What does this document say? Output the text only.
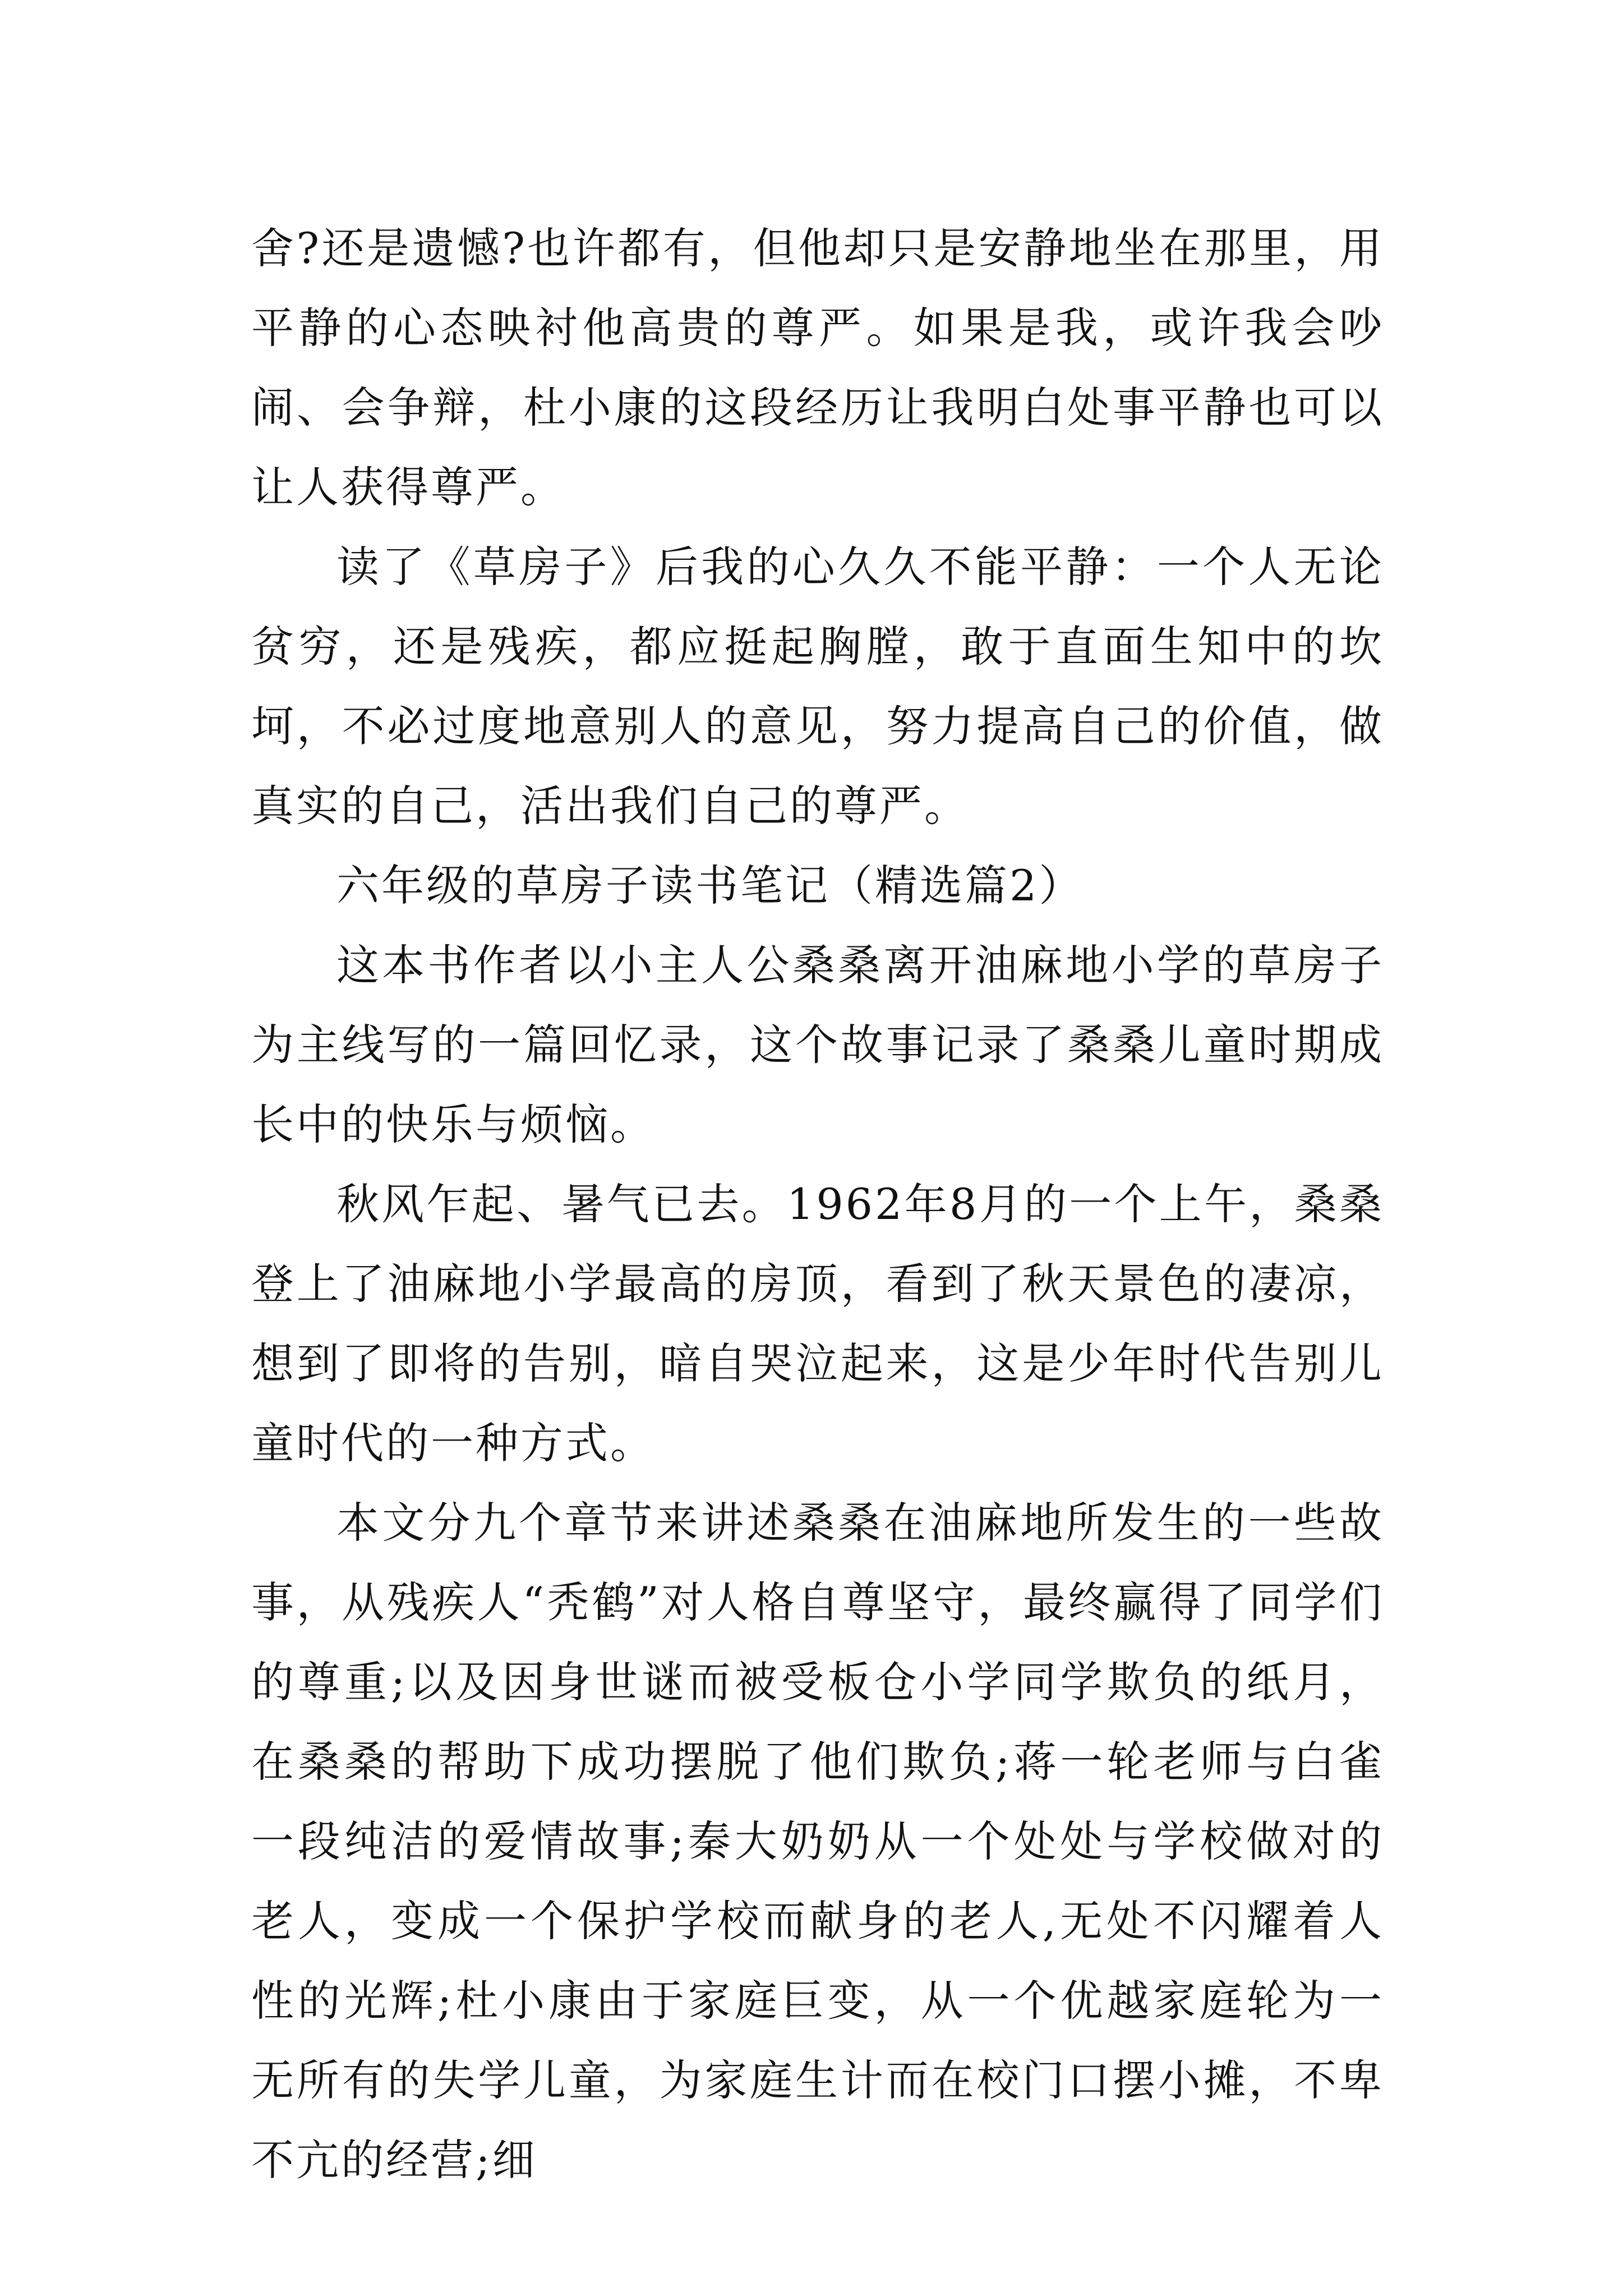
舍?还是遗憾?也许都有，但他却只是安静地坐在那里，用平静的心态映衬他高贵的尊严。如果是我，或许我会吵闹、会争辩，杜小康的这段经历让我明白处事平静也可以让人获得尊严。

读了《草房子》后我的心久久不能平静：一个人无论贫穷，还是残疾，都应挺起胸膛，敢于直面生知中的坎坷，不必过度地意别人的意见，努力提高自己的价值，做真实的自己，活出我们自己的尊严。

六年级的草房子读书笔记（精选篇2）

这本书作者以小主人公桑桑离开油麻地小学的草房子为主线写的一篇回忆录，这个故事记录了桑桑儿童时期成长中的快乐与烦恼。

秋风乍起、暑气已去。1962年8月的一个上午，桑桑登上了油麻地小学最高的房顶，看到了秋天景色的凄凉，想到了即将的告别，暗自哭泣起来，这是少年时代告别儿童时代的一种方式。

本文分九个章节来讲述桑桑在油麻地所发生的一些故事，从残疾人“秃鹤”对人格自尊坚守，最终赢得了同学们的尊重;以及因身世谜而被受板仓小学同学欺负的纸月，在桑桑的帮助下成功摆脱了他们欺负;蒋一轮老师与白雀一段纯洁的爱情故事;秦大奶奶从一个处处与学校做对的老人，变成一个保护学校而献身的老人,无处不闪耀着人性的光辉;杜小康由于家庭巨变，从一个优越家庭轮为一无所有的失学儿童，为家庭生计而在校门口摆小摊，不卑不亢的经营;细
